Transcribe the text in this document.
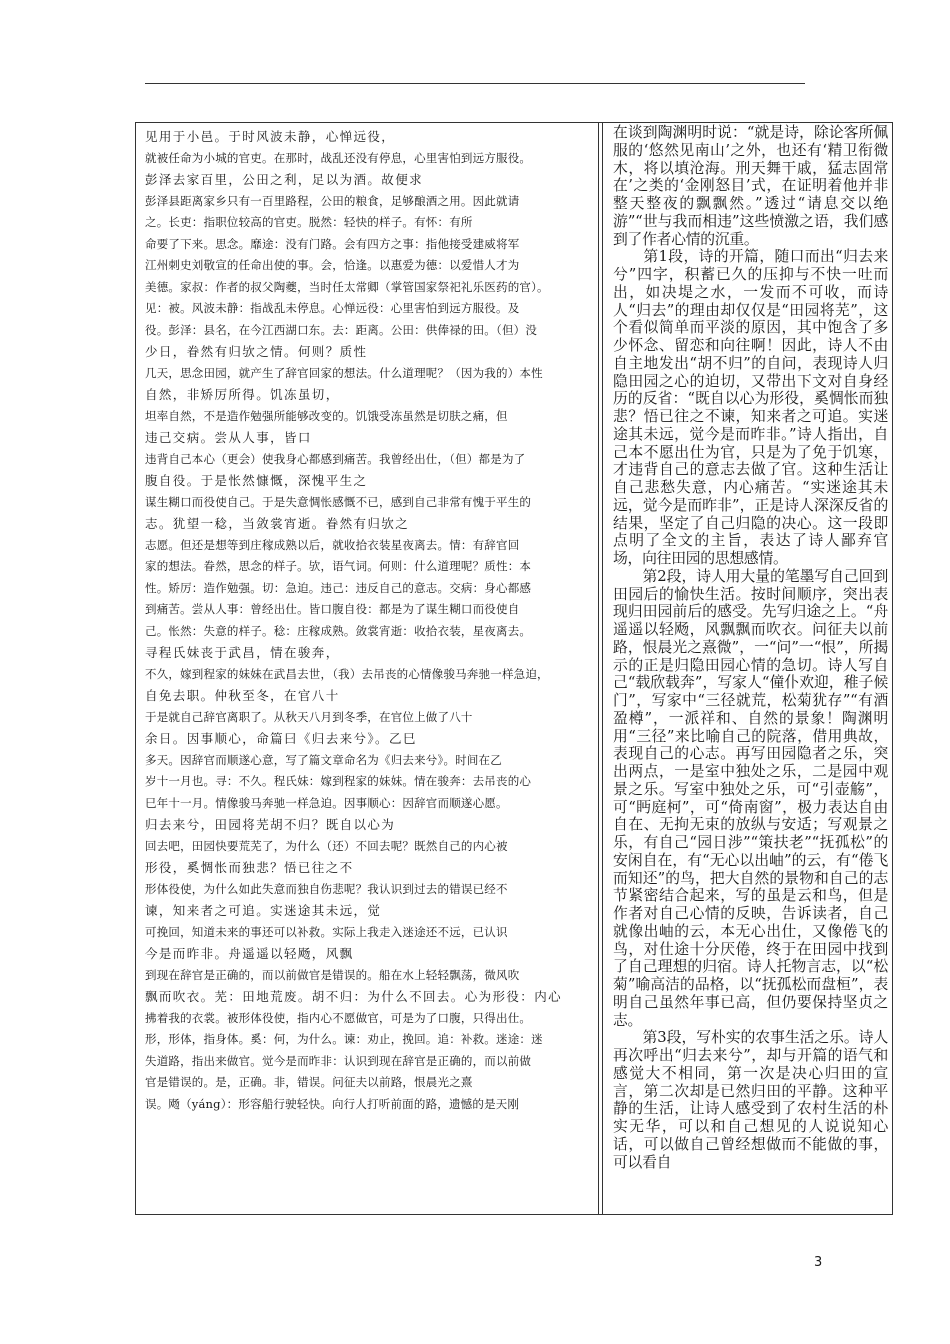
见用于小邑。于时风波未静，心惮远役，

就被任命为小城的官吏。在那时，战乱还没有停息，心里害怕到远方服役。

彭泽去家百里，公田之利，足以为酒。故便求

彭泽县距离家乡只有一百里路程，公田的粮食，足够酿酒之用。因此就请

之。长吏：指职位较高的官吏。脱然：轻快的样子。有怀：有所

命要了下来。思念。靡途：没有门路。会有四方之事：指他接受建威将军

江州刺史刘敬宣的任命出使的事。会，恰逢。以惠爱为德：以爱惜人才为

美德。家叔：作者的叔父陶夔，当时任太常卿（掌管国家祭祀礼乐医药的官）。

见：被。风波未静：指战乱未停息。心惮远役：心里害怕到远方服役。及

役。彭泽：县名，在今江西湖口东。去：距离。公田：供俸禄的田。（但）没

少日，眷然有归欤之情。何则？质性

几天，思念田园，就产生了辞官回家的想法。什么道理呢？（因为我的）本性

自然，非矫厉所得。饥冻虽切，

坦率自然，不是造作勉强所能够改变的。饥饿受冻虽然是切肤之痛，但

违己交病。尝从人事，皆口

违背自己本心（更会）使我身心都感到痛苦。我曾经出仕，（但）都是为了

腹自役。于是怅然慷慨，深愧平生之

谋生糊口而役使自己。于是失意惆怅感慨不已，感到自己非常有愧于平生的

志。犹望一稔，当敛裳宵逝。眷然有归欤之

志愿。但还是想等到庄稼成熟以后，就收拾衣装星夜离去。情：有辞官回

家的想法。眷然，思念的样子。欤，语气词。何则：什么道理呢？质性：本

性。矫厉：造作勉强。切：急迫。违己：违反自己的意志。交病：身心都感

到痛苦。尝从人事：曾经出仕。皆口腹自役：都是为了谋生糊口而役使自

己。怅然：失意的样子。稔：庄稼成熟。敛裳宵逝：收拾衣装，星夜离去。

寻程氏妹丧于武昌，情在骏奔，

不久，嫁到程家的妹妹在武昌去世，（我）去吊丧的心情像骏马奔驰一样急迫，

自免去职。仲秋至冬，在官八十

于是就自己辞官离职了。从秋天八月到冬季，在官位上做了八十

余日。因事顺心，命篇曰《归去来兮》。乙巳

多天。因辞官而顺遂心意，写了篇文章命名为《归去来兮》。时间在乙

岁十一月也。寻：不久。程氏妹：嫁到程家的妹妹。情在骏奔：去吊丧的心

巳年十一月。情像骏马奔驰一样急迫。因事顺心：因辞官而顺遂心愿。

归去来兮，田园将芜胡不归？既自以心为

回去吧，田园快要荒芜了，为什么（还）不回去呢？既然自己的内心被

形役，奚惆怅而独悲？悟已往之不

形体役使，为什么如此失意而独自伤悲呢？我认识到过去的错误已经不

谏，知来者之可追。实迷途其未远，觉

可挽回，知道未来的事还可以补救。实际上我走入迷途还不远，已认识

今是而昨非。舟遥遥以轻飏，风飘

到现在辞官是正确的，而以前做官是错误的。船在水上轻轻飘荡，微风吹

飘而吹衣。芜：田地荒废。胡不归：为什么不回去。心为形役：内心

拂着我的衣裳。被形体役使，指内心不愿做官，可是为了口腹，只得出仕。

形，形体，指身体。奚：何，为什么。谏：劝止，挽回。追：补救。迷途：迷

失道路，指出来做官。觉今是而昨非：认识到现在辞官是正确的，而以前做

官是错误的。是，正确。非，错误。问征夫以前路，恨晨光之熹

误。飏（yáng）：形容船行驶轻快。向行人打听前面的路，遗憾的是天刚

在谈到陶渊明时说：“就是诗，除论客所佩服的‘悠然见南山’之外，也还有‘精卫衔微木，将以填沧海。刑天舞干戚，猛志固常在’之类的‘金刚怒目’式，在证明着他并非整天整夜的飘飘然。”透过“请息交以绝游”“世与我而相违”这些愤激之语，我们感到了作者心情的沉重。

　　第1段，诗的开篇，随口而出“归去来兮”四字，积蓄已久的压抑与不快一吐而出，如决堤之水，一发而不可收，而诗人“归去”的理由却仅仅是“田园将芜”，这个看似简单而平淡的原因，其中饱含了多少怀念、留恋和向往啊！因此，诗人不由自主地发出“胡不归”的自问，表现诗人归隐田园之心的迫切，又带出下文对自身经历的反省：“既自以心为形役，奚惆怅而独悲？悟已往之不谏，知来者之可追。实迷途其未远，觉今是而昨非。”诗人指出，自己本不愿出仕为官，只是为了免于饥寒，才违背自己的意志去做了官。这种生活让自己悲愁失意，内心痛苦。“实迷途其未远，觉今是而昨非”，正是诗人深深反省的结果，坚定了自己归隐的决心。这一段即点明了全文的主旨，表达了诗人鄙弃官场，向往田园的思想感情。

　　第2段，诗人用大量的笔墨写自己回到田园后的愉快生活。按时间顺序，突出表现归田园前后的感受。先写归途之上。“舟遥遥以轻飏，风飘飘而吹衣。问征夫以前路，恨晨光之熹微”，一“问”一“恨”，所揭示的正是归隐田园心情的急切。诗人写自己“载欣载奔”，写家人“僮仆欢迎，稚子候门”，写家中“三径就荒，松菊犹存”“有酒盈樽”，一派祥和、自然的景象！陶渊明用“三径”来比喻自己的院落，借用典故，表现自己的心志。再写田园隐者之乐，突出两点，一是室中独处之乐，二是园中观景之乐。写室中独处之乐，可“引壶觞”，可“眄庭柯”，可“倚南窗”，极力表达自由自在、无拘无束的放纵与安适；写观景之乐，有自己“园日涉”“策扶老”“抚孤松”的安闲自在，有“无心以出岫”的云，有“倦飞而知还”的鸟，把大自然的景物和自己的志节紧密结合起来，写的虽是云和鸟，但是作者对自己心情的反映，告诉读者，自己就像出岫的云，本无心出仕，又像倦飞的鸟，对仕途十分厌倦，终于在田园中找到了自己理想的归宿。诗人托物言志，以“松菊”喻高洁的品格，以“抚孤松而盘桓”，表明自己虽然年事已高，但仍要保持坚贞之志。

　　第3段，写朴实的农事生活之乐。诗人再次呼出“归去来兮”，却与开篇的语气和感觉大不相同，第一次是决心归田的宣言，第二次却是已然归田的平静。这种平静的生活，让诗人感受到了农村生活的朴实无华，可以和自己想见的人说说知心话，可以做自己曾经想做而不能做的事，可以看自

3
